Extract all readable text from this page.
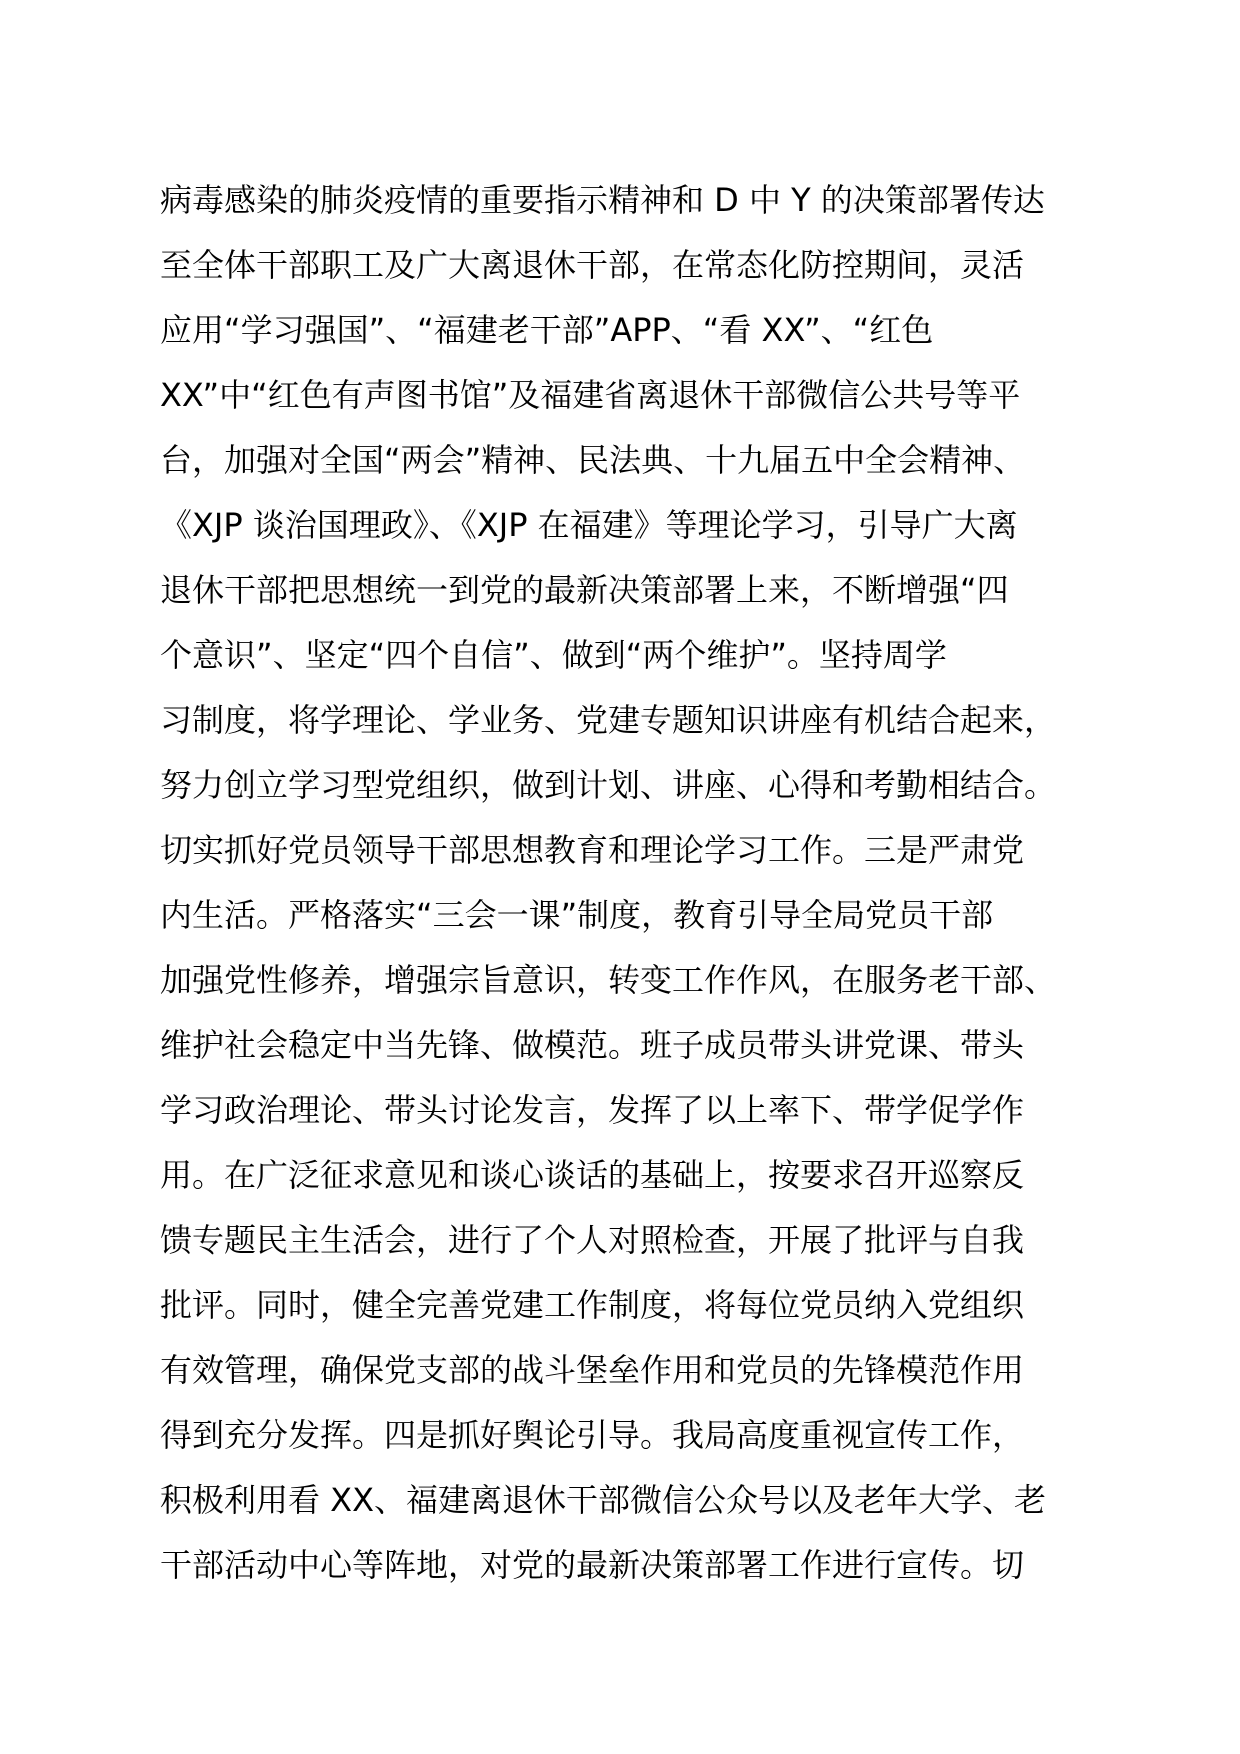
病毒感染的肺炎疫情的重要指示精神和 D 中 Y 的决策部署传达
至全体干部职工及广大离退休干部，在常态化防控期间，灵活
应用“学习强国”、“福建老干部”APP、“看 XX”、“红色
XX”中“红色有声图书馆”及福建省离退休干部微信公共号等平
台，加强对全国“两会”精神、民法典、十九届五中全会精神、
《XJP 谈治国理政》、《XJP 在福建》等理论学习，引导广大离
退休干部把思想统一到党的最新决策部署上来，不断增强“四
个意识”、坚定“四个自信”、做到“两个维护”。坚持周学
习制度，将学理论、学业务、党建专题知识讲座有机结合起来，
努力创立学习型党组织，做到计划、讲座、心得和考勤相结合。
切实抓好党员领导干部思想教育和理论学习工作。三是严肃党
内生活。严格落实“三会一课”制度，教育引导全局党员干部
加强党性修养，增强宗旨意识，转变工作作风，在服务老干部、
维护社会稳定中当先锋、做模范。班子成员带头讲党课、带头
学习政治理论、带头讨论发言，发挥了以上率下、带学促学作
用。在广泛征求意见和谈心谈话的基础上，按要求召开巡察反
馈专题民主生活会，进行了个人对照检查，开展了批评与自我
批评。同时，健全完善党建工作制度，将每位党员纳入党组织
有效管理，确保党支部的战斗堡垒作用和党员的先锋模范作用
得到充分发挥。四是抓好舆论引导。我局高度重视宣传工作，
积极利用看 XX、福建离退休干部微信公众号以及老年大学、老
干部活动中心等阵地，对党的最新决策部署工作进行宣传。切
